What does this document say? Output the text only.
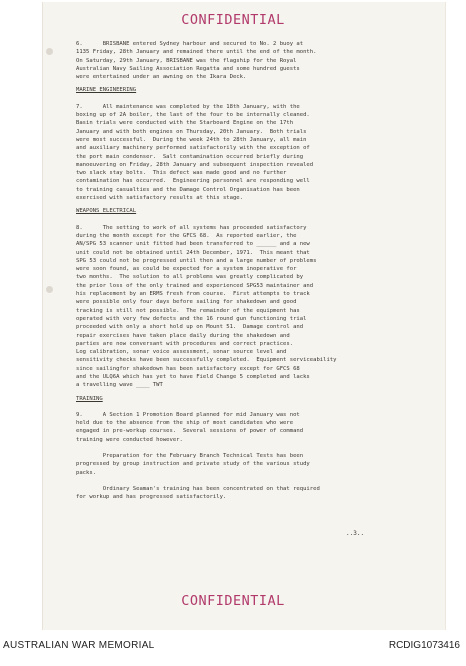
CONFIDENTIAL
6.      BRISBANE entered Sydney harbour and secured to No. 2 buoy at
1135 Friday, 28th January and remained there until the end of the month.
On Saturday, 29th January, BRISBANE was the flagship for the Royal
Australian Navy Sailing Association Regatta and some hundred guests
were entertained under an awning on the Ikara Deck.
MARINE ENGINEERING
7.      All maintenance was completed by the 18th January, with the
boxing up of 2A boiler, the last of the four to be internally cleaned.
Basin trials were conducted with the Starboard Engine on the 17th
January and with both engines on Thursday, 20th January.  Both trials
were most successful.  During the week 24th to 28th January, all main
and auxiliary machinery performed satisfactorily with the exception of
the port main condenser.  Salt contamination occurred briefly during
manoeuvering on Friday, 28th January and subsequent inspection revealed
two slack stay bolts.  This defect was made good and no further
contamination has occurred.  Engineering personnel are responding well
to training casualties and the Damage Control Organisation has been
exercised with satisfactory results at this stage.
WEAPONS ELECTRICAL
8.      The setting to work of all systems has proceeded satisfactory
during the month except for the GFCS 68.  As reported earlier, the
AN/SPG 53 scanner unit fitted had been transferred to ______ and a new
unit could not be obtained until 24th December, 1971.  This meant that
SPG 53 could not be progressed until then and a large number of problems
were soon found, as could be expected for a system inoperative for
two months.  The solution to all problems was greatly complicated by
the prior loss of the only trained and experienced SPG53 maintainer and
his replacement by an ERMS fresh from course.  First attempts to track
were possible only four days before sailing for shakedown and good
tracking is still not possible.  The remainder of the equipment has
operated with very few defects and the 16 round gun functioning trial
proceeded with only a short hold up on Mount 51.  Damage control and
repair exercises have taken place daily during the shakedown and
parties are now conversant with procedures and correct practices.
Log calibration, sonar voice assessment, sonar source level and
sensitivity checks have been successfully completed.  Equipment serviceability
since sailingfor shakedown has been satisfactory except for GFCS 68
and the ULQ6A which has yet to have Field Change 5 completed and lacks
a travelling wave ____ TWT
TRAINING
9.      A Section 1 Promotion Board planned for mid January was not
held due to the absence from the ship of most candidates who were
engaged in pre-workup courses.  Several sessions of power of command
training were conducted however.
Preparation for the February Branch Technical Tests has been
progressed by group instruction and private study of the various study
packs.
Ordinary Seaman's training has been concentrated on that required
for workup and has progressed satisfactorily.
..3..
CONFIDENTIAL
AUSTRALIAN WAR MEMORIAL	RCDIG1073416
